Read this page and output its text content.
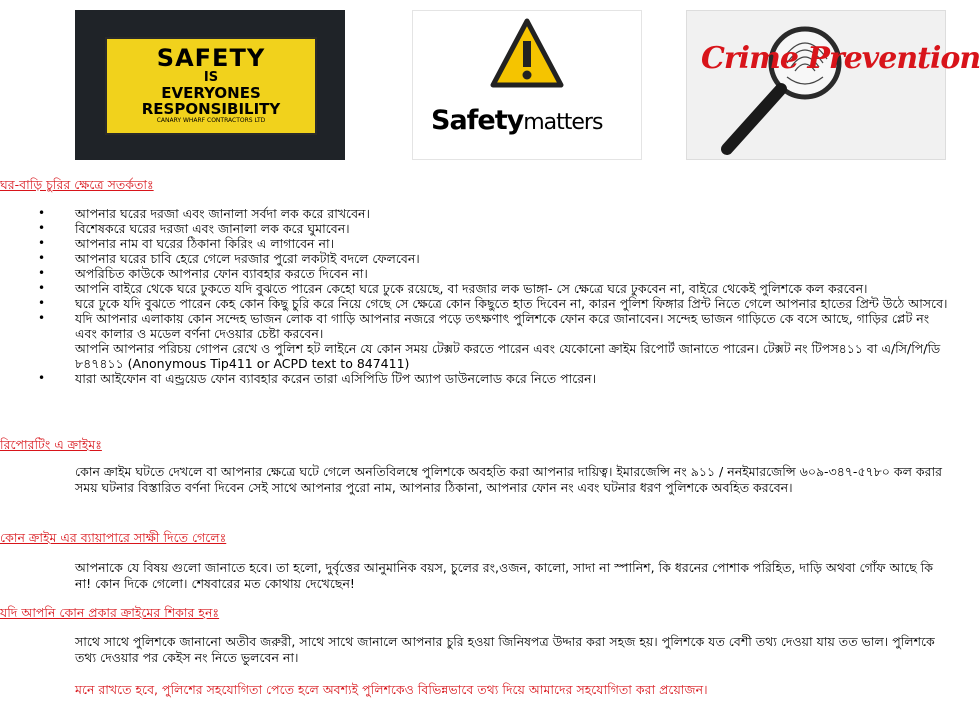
SAFETY
IS
EVERYONES
RESPONSIBILITY
CANARY WHARF CONTRACTORS LTD	Safetymatters
Crime Prevention
ঘর-বাড়ি চুরির ক্ষেত্রে সতর্কতাঃ
• আপনার ঘরের দরজা এবং জানালা সর্বদা লক করে রাখবেন।
• বিশেষকরে ঘরের দরজা এবং জানালা লক করে ঘুমাবেন।
• আপনার নাম বা ঘরের ঠিকানা কিরিং এ লাগাবেন না।
• আপনার ঘরের চাবি হেরে গেলে দরজার পুরো লকটাই বদলে ফেলবেন।
• অপরিচিত কাউকে আপনার ফোন ব্যাবহার করতে দিবেন না।
• আপনি বাইরে থেকে ঘরে ঢুকতে যদি বুঝতে পারেন কেহো ঘরে ঢুকে রয়েছে, বা দরজার লক ভাঙ্গা- সে ক্ষেত্রে ঘরে ঢুকবেন না, বাইরে থেকেই পুলিশকে কল করবেন।
• ঘরে ঢুকে যদি বুঝতে পারেন কেহ কোন কিছু চুরি করে নিয়ে গেছে সে ক্ষেত্রে কোন কিছুতে হাত দিবেন না, কারন পুলিশ ফিঙ্গার প্রিন্ট নিতে গেলে আপনার হাতের প্রিন্ট উঠে আসবে।
• যদি আপনার এলাকায় কোন সন্দেহ ভাজন লোক বা গাড়ি আপনার নজরে পড়ে তৎক্ষণাৎ পুলিশকে ফোন করে জানাবেন। সন্দেহ ভাজন গাড়িতে কে বসে আছে, গাড়ির প্লেট নং এবং কালার ও মডেল বর্ণনা দেওয়ার চেষ্টা করবেন।
আপনি আপনার পরিচয় গোপন রেখে ও পুলিশ হট লাইনে যে কোন সময় টেক্সট করতে পারেন এবং যেকোনো ক্রাইম রিপোর্ট জানাতে পারেন। টেক্সট নং টিপস৪১১ বা এ/সি/পি/ডি ৮৪৭৪১১ (Anonymous Tip411 or ACPD text to 847411)
• যারা আইফোন বা এন্ড্রয়েড ফোন ব্যাবহার করেন তারা এসিপিডি টিপ অ্যাপ ডাউনলোড করে নিতে পারেন।
রিপোরটিং এ ক্রাইমঃ
কোন ক্রাইম ঘটতে দেখলে বা আপনার ক্ষেত্রে ঘটে গেলে অনতিবিলম্বে পুলিশকে অবহতি করা আপনার দায়িত্ব। ইমারজেন্সি নং ৯১১ / ননইমারজেন্সি ৬০৯-৩৪৭-৫৭৮০ কল করার সময় ঘটনার বিস্তারিত বর্ণনা দিবেন সেই সাথে আপনার পুরো নাম, আপনার ঠিকানা, আপনার ফোন নং এবং ঘটনার ধরণ পুলিশকে অবহিত করবেন।
কোন ক্রাইম এর ব্যায়াপারে সাক্ষী দিতে গেলেঃ
আপনাকে যে বিষয় গুলো জানাতে হবে। তা হলো, দুর্বৃত্তের আনুমানিক বয়স, চুলের রং,ওজন, কালো, সাদা না স্পানিশ, কি ধরনের পোশাক পরিহিত, দাড়ি অথবা গোঁফ আছে কি না! কোন দিকে গেলো। শেষবারের মত কোথায় দেখেছেন!
যদি আপনি কোন প্রকার ক্রাইমের শিকার হনঃ
সাথে সাথে পুলিশকে জানানো অতীব জরুরী, সাথে সাথে জানালে আপনার চুরি হওয়া জিনিষপত্র উদ্দার করা সহজ হয়। পুলিশকে যত বেশী তথ্য দেওয়া যায় তত ভাল। পুলিশকে তথ্য দেওয়ার পর কেইস নং নিতে ভুলবেন না।
মনে রাখতে হবে, পুলিশের সহযোগিতা পেতে হলে অবশ্যই পুলিশকেও বিভিন্নভাবে তথ্য দিয়ে আমাদের সহযোগিতা করা প্রয়োজন।
